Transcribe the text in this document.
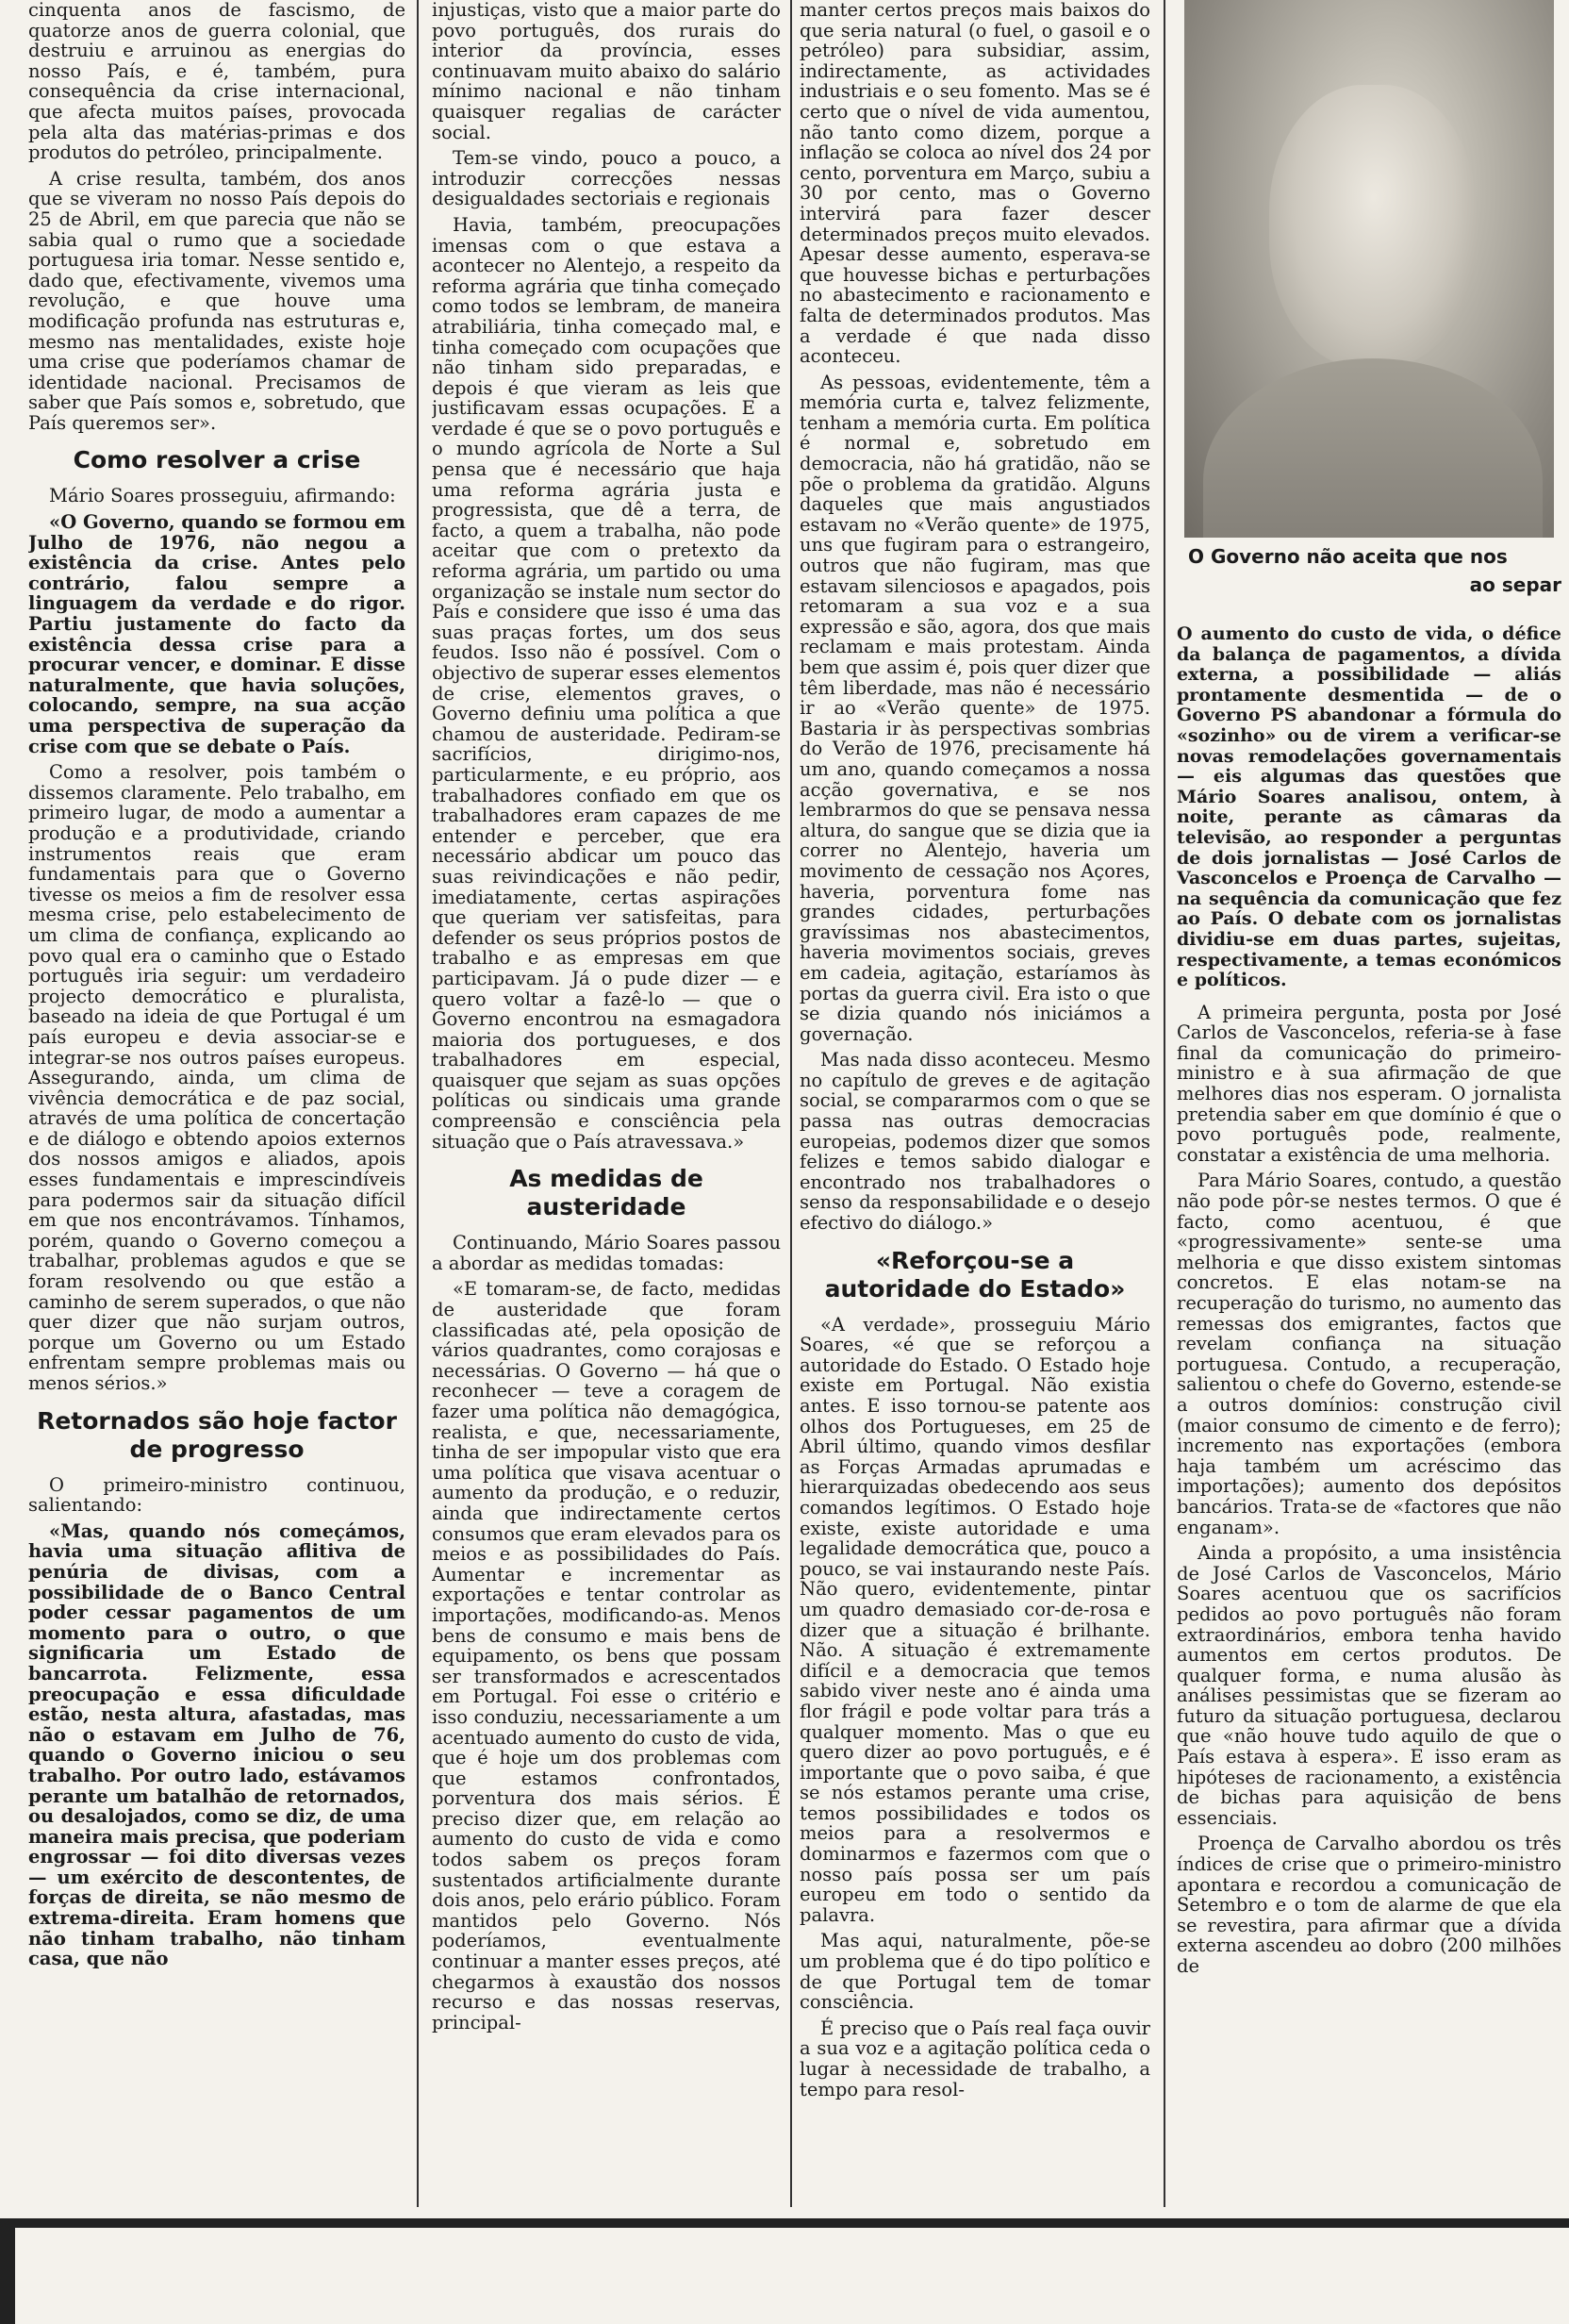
cinquenta anos de fascismo, de quatorze anos de guerra colonial, que destruiu e arruinou as energias do nosso País, e é, também, pura consequência da crise internacional, que afecta muitos países, provocada pela alta das matérias-primas e dos produtos do petróleo, principalmente.

A crise resulta, também, dos anos que se viveram no nosso País depois do 25 de Abril, em que parecia que não se sabia qual o rumo que a sociedade portuguesa iria tomar. Nesse sentido e, dado que, efectivamente, vivemos uma revolução, e que houve uma modificação profunda nas estruturas e, mesmo nas mentalidades, existe hoje uma crise que poderíamos chamar de identidade nacional. Precisamos de saber que País somos e, sobretudo, que País queremos ser».

Como resolver a crise

Mário Soares prosseguiu, afirmando:

«O Governo, quando se formou em Julho de 1976, não negou a existência da crise. Antes pelo contrário, falou sempre a linguagem da verdade e do rigor. Partiu justamente do facto da existência dessa crise para a procurar vencer, e dominar. E disse naturalmente, que havia soluções, colocando, sempre, na sua acção uma perspectiva de superação da crise com que se debate o País.

Como a resolver, pois também o dissemos claramente. Pelo trabalho, em primeiro lugar, de modo a aumentar a produção e a produtividade, criando instrumentos reais que eram fundamentais para que o Governo tivesse os meios a fim de resolver essa mesma crise, pelo estabelecimento de um clima de confiança, explicando ao povo qual era o caminho que o Estado português iria seguir: um verdadeiro projecto democrático e pluralista, baseado na ideia de que Portugal é um país europeu e devia associar-se e integrar-se nos outros países europeus. Assegurando, ainda, um clima de vivência democrática e de paz social, através de uma política de concertação e de diálogo e obtendo apoios externos dos nossos amigos e aliados, apois esses fundamentais e imprescindíveis para podermos sair da situação difícil em que nos encontrávamos. Tínhamos, porém, quando o Governo começou a trabalhar, problemas agudos e que se foram resolvendo ou que estão a caminho de serem superados, o que não quer dizer que não surjam outros, porque um Governo ou um Estado enfrentam sempre problemas mais ou menos sérios.»

Retornados são hoje factor de progresso

O primeiro-ministro continuou, salientando:

«Mas, quando nós começámos, havia uma situação aflitiva de penúria de divisas, com a possibilidade de o Banco Central poder cessar pagamentos de um momento para o outro, o que significaria um Estado de bancarrota. Felizmente, essa preocupação e essa dificuldade estão, nesta altura, afastadas, mas não o estavam em Julho de 76, quando o Governo iniciou o seu trabalho. Por outro lado, estávamos perante um batalhão de retornados, ou desalojados, como se diz, de uma maneira mais precisa, que poderiam engrossar — foi dito diversas vezes — um exército de descontentes, de forças de direita, se não mesmo de extrema-direita. Eram homens que não tinham trabalho, não tinham casa, que não

injustiças, visto que a maior parte do povo português, dos rurais do interior da província, esses continuavam muito abaixo do salário mínimo nacional e não tinham quaisquer regalias de carácter social.

Tem-se vindo, pouco a pouco, a introduzir correcções nessas desigualdades sectoriais e regionais

Havia, também, preocupações imensas com o que estava a acontecer no Alentejo, a respeito da reforma agrária que tinha começado como todos se lembram, de maneira atrabiliária, tinha começado mal, e tinha começado com ocupações que não tinham sido preparadas, e depois é que vieram as leis que justificavam essas ocupações. E a verdade é que se o povo português e o mundo agrícola de Norte a Sul pensa que é necessário que haja uma reforma agrária justa e progressista, que dê a terra, de facto, a quem a trabalha, não pode aceitar que com o pretexto da reforma agrária, um partido ou uma organização se instale num sector do País e considere que isso é uma das suas praças fortes, um dos seus feudos. Isso não é possível. Com o objectivo de superar esses elementos de crise, elementos graves, o Governo definiu uma política a que chamou de austeridade. Pediram-se sacrifícios, dirigimo-nos, particularmente, e eu próprio, aos trabalhadores confiado em que os trabalhadores eram capazes de me entender e perceber, que era necessário abdicar um pouco das suas reivindicações e não pedir, imediatamente, certas aspirações que queriam ver satisfeitas, para defender os seus próprios postos de trabalho e as empresas em que participavam. Já o pude dizer — e quero voltar a fazê-lo — que o Governo encontrou na esmagadora maioria dos portugueses, e dos trabalhadores em especial, quaisquer que sejam as suas opções políticas ou sindicais uma grande compreensão e consciência pela situação que o País atravessava.»

As medidas de austeridade

Continuando, Mário Soares passou a abordar as medidas tomadas:

«E tomaram-se, de facto, medidas de austeridade que foram classificadas até, pela oposição de vários quadrantes, como corajosas e necessárias. O Governo — há que o reconhecer — teve a coragem de fazer uma política não demagógica, realista, e que, necessariamente, tinha de ser impopular visto que era uma política que visava acentuar o aumento da produção, e o reduzir, ainda que indirectamente certos consumos que eram elevados para os meios e as possibilidades do País. Aumentar e incrementar as exportações e tentar controlar as importações, modificando-as. Menos bens de consumo e mais bens de equipamento, os bens que possam ser transformados e acrescentados em Portugal. Foi esse o critério e isso conduziu, necessariamente a um acentuado aumento do custo de vida, que é hoje um dos problemas com que estamos confrontados, porventura dos mais sérios. É preciso dizer que, em relação ao aumento do custo de vida e como todos sabem os preços foram sustentados artificialmente durante dois anos, pelo erário público. Foram mantidos pelo Governo. Nós poderíamos, eventualmente continuar a manter esses preços, até chegarmos à exaustão dos nossos recurso e das nossas reservas, principal-

manter certos preços mais baixos do que seria natural (o fuel, o gasoil e o petróleo) para subsidiar, assim, indirectamente, as actividades industriais e o seu fomento. Mas se é certo que o nível de vida aumentou, não tanto como dizem, porque a inflação se coloca ao nível dos 24 por cento, porventura em Março, subiu a 30 por cento, mas o Governo intervirá para fazer descer determinados preços muito elevados. Apesar desse aumento, esperava-se que houvesse bichas e perturbações no abastecimento e racionamento e falta de determinados produtos. Mas a verdade é que nada disso aconteceu.

As pessoas, evidentemente, têm a memória curta e, talvez felizmente, tenham a memória curta. Em política é normal e, sobretudo em democracia, não há gratidão, não se põe o problema da gratidão. Alguns daqueles que mais angustiados estavam no «Verão quente» de 1975, uns que fugiram para o estrangeiro, outros que não fugiram, mas que estavam silenciosos e apagados, pois retomaram a sua voz e a sua expressão e são, agora, dos que mais reclamam e mais protestam. Ainda bem que assim é, pois quer dizer que têm liberdade, mas não é necessário ir ao «Verão quente» de 1975. Bastaria ir às perspectivas sombrias do Verão de 1976, precisamente há um ano, quando começamos a nossa acção governativa, e se nos lembrarmos do que se pensava nessa altura, do sangue que se dizia que ia correr no Alentejo, haveria um movimento de cessação nos Açores, haveria, porventura fome nas grandes cidades, perturbações gravíssimas nos abastecimentos, haveria movimentos sociais, greves em cadeia, agitação, estaríamos às portas da guerra civil. Era isto o que se dizia quando nós iniciámos a governação.

Mas nada disso aconteceu. Mesmo no capítulo de greves e de agitação social, se compararmos com o que se passa nas outras democracias europeias, podemos dizer que somos felizes e temos sabido dialogar e encontrado nos trabalhadores o senso da responsabilidade e o desejo efectivo do diálogo.»

«Reforçou-se a autoridade do Estado»

«A verdade», prosseguiu Mário Soares, «é que se reforçou a autoridade do Estado. O Estado hoje existe em Portugal. Não existia antes. E isso tornou-se patente aos olhos dos Portugueses, em 25 de Abril último, quando vimos desfilar as Forças Armadas aprumadas e hierarquizadas obedecendo aos seus comandos legítimos. O Estado hoje existe, existe autoridade e uma legalidade democrática que, pouco a pouco, se vai instaurando neste País. Não quero, evidentemente, pintar um quadro demasiado cor-de-rosa e dizer que a situação é brilhante. Não. A situação é extremamente difícil e a democracia que temos sabido viver neste ano é ainda uma flor frágil e pode voltar para trás a qualquer momento. Mas o que eu quero dizer ao povo português, e é importante que o povo saiba, é que se nós estamos perante uma crise, temos possibilidades e todos os meios para a resolvermos e dominarmos e fazermos com que o nosso país possa ser um país europeu em todo o sentido da palavra.

Mas aqui, naturalmente, põe-se um problema que é do tipo político e de que Portugal tem de tomar consciência.

É preciso que o País real faça ouvir a sua voz e a agitação política ceda o lugar à necessidade de trabalho, a tempo para resol-

O Governo não aceita que nos
ao separ

O aumento do custo de vida, o défice da balança de pagamentos, a dívida externa, a possibilidade — aliás prontamente desmentida — de o Governo PS abandonar a fórmula do «sozinho» ou de virem a verificar-se novas remodelações governamentais — eis algumas das questões que Mário Soares analisou, ontem, à noite, perante as câmaras da televisão, ao responder a perguntas de dois jornalistas — José Carlos de Vasconcelos e Proença de Carvalho — na sequência da comunicação que fez ao País. O debate com os jornalistas dividiu-se em duas partes, sujeitas, respectivamente, a temas económicos e políticos.

A primeira pergunta, posta por José Carlos de Vasconcelos, referia-se à fase final da comunicação do primeiro-ministro e à sua afirmação de que melhores dias nos esperam. O jornalista pretendia saber em que domínio é que o povo português pode, realmente, constatar a existência de uma melhoria.

Para Mário Soares, contudo, a questão não pode pôr-se nestes termos. O que é facto, como acentuou, é que «progressivamente» sente-se uma melhoria e que disso existem sintomas concretos. E elas notam-se na recuperação do turismo, no aumento das remessas dos emigrantes, factos que revelam confiança na situação portuguesa. Contudo, a recuperação, salientou o chefe do Governo, estende-se a outros domínios: construção civil (maior consumo de cimento e de ferro); incremento nas exportações (embora haja também um acréscimo das importações); aumento dos depósitos bancários. Trata-se de «factores que não enganam».

Ainda a propósito, a uma insistência de José Carlos de Vasconcelos, Mário Soares acentuou que os sacrifícios pedidos ao povo português não foram extraordinários, embora tenha havido aumentos em certos produtos. De qualquer forma, e numa alusão às análises pessimistas que se fizeram ao futuro da situação portuguesa, declarou que «não houve tudo aquilo de que o País estava à espera». E isso eram as hipóteses de racionamento, a existência de bichas para aquisição de bens essenciais.

Proença de Carvalho abordou os três índices de crise que o primeiro-ministro apontara e recordou a comunicação de Setembro e o tom de alarme de que ela se revestira, para afirmar que a dívida externa ascendeu ao dobro (200 milhões de
